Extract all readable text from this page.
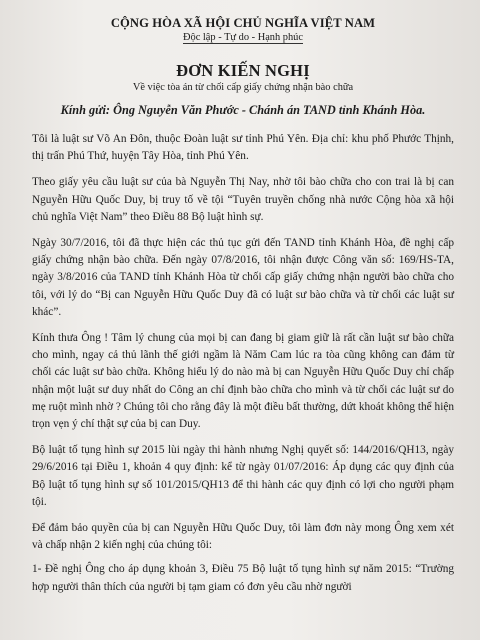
CỘNG HÒA XÃ HỘI CHỦ NGHĨA VIỆT NAM
Độc lập - Tự do - Hạnh phúc
ĐƠN KIẾN NGHỊ
Về việc tòa án từ chối cấp giấy chứng nhận bào chữa
Kính gửi: Ông Nguyễn Văn Phước - Chánh án TAND tỉnh Khánh Hòa.

Tôi là luật sư Võ An Đôn, thuộc Đoàn luật sư tỉnh Phú Yên. Địa chỉ: khu phố Phước Thịnh, thị trấn Phú Thứ, huyện Tây Hòa, tỉnh Phú Yên.

Theo giấy yêu cầu luật sư của bà Nguyễn Thị Nay, nhờ tôi bào chữa cho con trai là bị can Nguyễn Hữu Quốc Duy, bị truy tố về tội “Tuyên truyền chống nhà nước Cộng hòa xã hội chủ nghĩa Việt Nam” theo Điều 88 Bộ luật hình sự.

Ngày 30/7/2016, tôi đã thực hiện các thủ tục gửi đến TAND tỉnh Khánh Hòa, đề nghị cấp giấy chứng nhận bào chữa. Đến ngày 07/8/2016, tôi nhận được Công văn số: 169/HS-TA, ngày 3/8/2016 của TAND tỉnh Khánh Hòa từ chối cấp giấy chứng nhận người bào chữa cho tôi, với lý do “Bị can Nguyễn Hữu Quốc Duy đã có luật sư bào chữa và từ chối các luật sư khác”.

Kính thưa Ông ! Tâm lý chung của mọi bị can đang bị giam giữ là rất cần luật sư bào chữa cho mình, ngay cả thủ lãnh thế giới ngầm là Năm Cam lúc ra tòa cũng không can đảm từ chối các luật sư bào chữa. Không hiểu lý do nào mà bị can Nguyễn Hữu Quốc Duy chỉ chấp nhận một luật sư duy nhất do Công an chỉ định bào chữa cho mình và từ chối các luật sư do mẹ ruột mình nhờ ? Chúng tôi cho rằng đây là một điều bất thường, dứt khoát không thể hiện trọn vẹn ý chí thật sự của bị can Duy.

Bộ luật tố tụng hình sự 2015 lùi ngày thi hành nhưng Nghị quyết số: 144/2016/QH13, ngày 29/6/2016 tại Điều 1, khoản 4 quy định: kể từ ngày 01/07/2016: Áp dụng các quy định của Bộ luật tố tụng hình sự số 101/2015/QH13 để thi hành các quy định có lợi cho người phạm tội.

Để đảm bảo quyền của bị can Nguyễn Hữu Quốc Duy, tôi làm đơn này mong Ông xem xét và chấp nhận 2 kiến nghị của chúng tôi:

1- Đề nghị Ông cho áp dụng khoản 3, Điều 75 Bộ luật tố tụng hình sự năm 2015: “Trường hợp người thân thích của người bị tạm giam có đơn yêu cầu nhờ người
